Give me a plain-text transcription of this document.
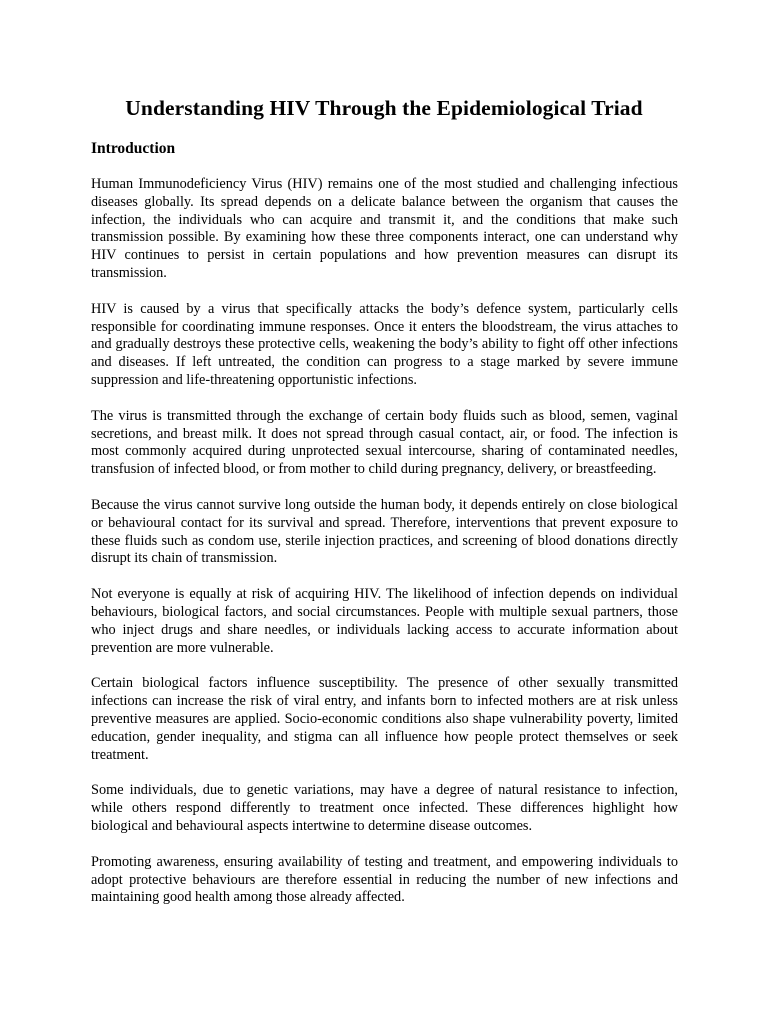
Understanding HIV Through the Epidemiological Triad
Introduction

Human Immunodeficiency Virus (HIV) remains one of the most studied and challenging infectious diseases globally. Its spread depends on a delicate balance between the organism that causes the infection, the individuals who can acquire and transmit it, and the conditions that make such transmission possible. By examining how these three components interact, one can understand why HIV continues to persist in certain populations and how prevention measures can disrupt its transmission.

HIV is caused by a virus that specifically attacks the body’s defence system, particularly cells responsible for coordinating immune responses. Once it enters the bloodstream, the virus attaches to and gradually destroys these protective cells, weakening the body’s ability to fight off other infections and diseases. If left untreated, the condition can progress to a stage marked by severe immune suppression and life-threatening opportunistic infections.

The virus is transmitted through the exchange of certain body fluids such as blood, semen, vaginal secretions, and breast milk. It does not spread through casual contact, air, or food. The infection is most commonly acquired during unprotected sexual intercourse, sharing of contaminated needles, transfusion of infected blood, or from mother to child during pregnancy, delivery, or breastfeeding.

Because the virus cannot survive long outside the human body, it depends entirely on close biological or behavioural contact for its survival and spread. Therefore, interventions that prevent exposure to these fluids such as condom use, sterile injection practices, and screening of blood donations directly disrupt its chain of transmission.

Not everyone is equally at risk of acquiring HIV. The likelihood of infection depends on individual behaviours, biological factors, and social circumstances. People with multiple sexual partners, those who inject drugs and share needles, or individuals lacking access to accurate information about prevention are more vulnerable.

Certain biological factors influence susceptibility. The presence of other sexually transmitted infections can increase the risk of viral entry, and infants born to infected mothers are at risk unless preventive measures are applied. Socio-economic conditions also shape vulnerability poverty, limited education, gender inequality, and stigma can all influence how people protect themselves or seek treatment.

Some individuals, due to genetic variations, may have a degree of natural resistance to infection, while others respond differently to treatment once infected. These differences highlight how biological and behavioural aspects intertwine to determine disease outcomes.

Promoting awareness, ensuring availability of testing and treatment, and empowering individuals to adopt protective behaviours are therefore essential in reducing the number of new infections and maintaining good health among those already affected.
